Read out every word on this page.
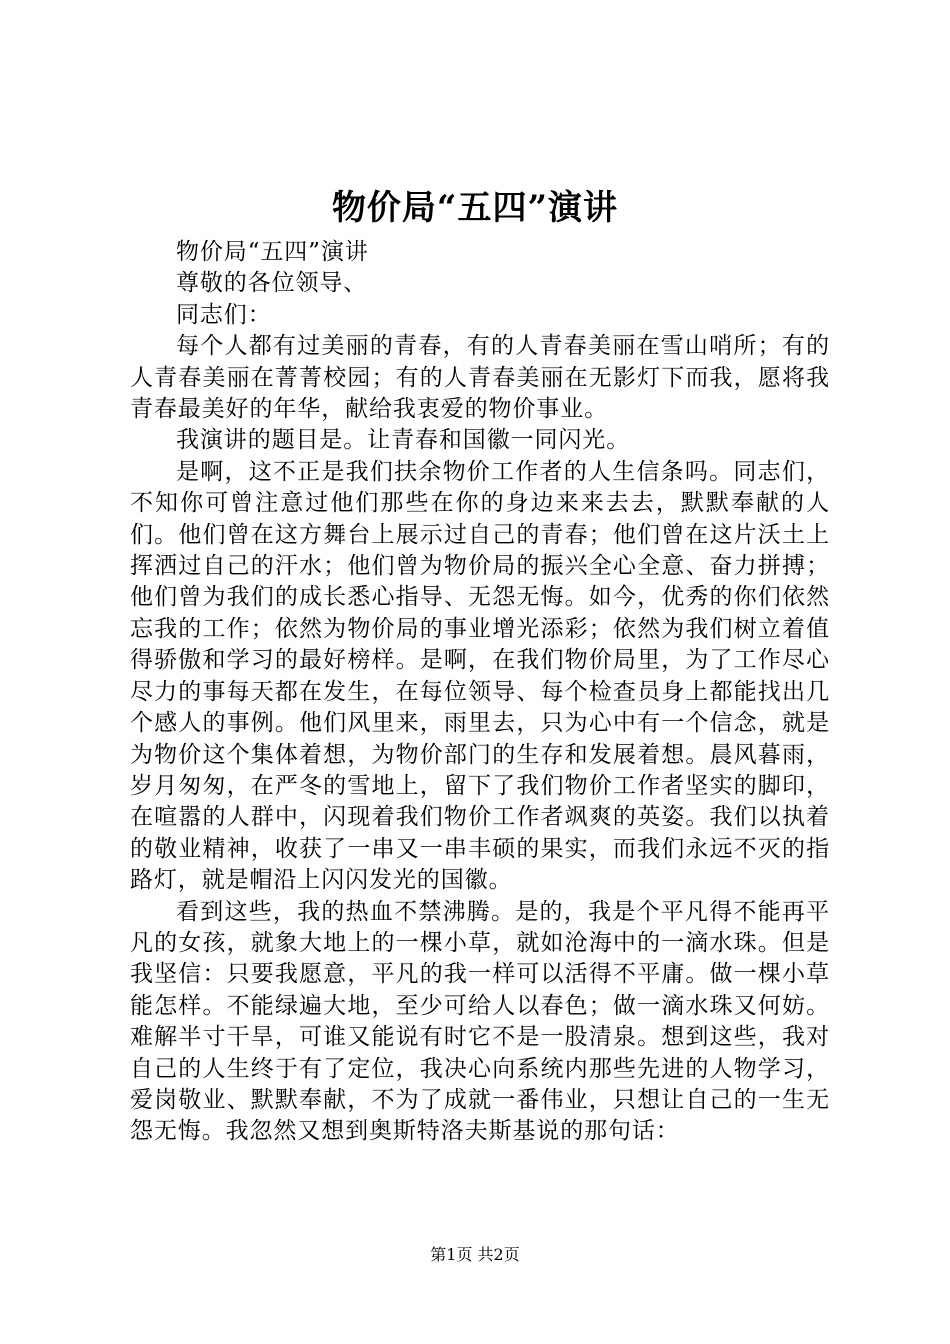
物价局“五四”演讲

物价局“五四”演讲

尊敬的各位领导、

同志们：

每个人都有过美丽的青春，有的人青春美丽在雪山哨所；有的人青春美丽在菁菁校园；有的人青春美丽在无影灯下而我，愿将我青春最美好的年华，献给我衷爱的物价事业。

我演讲的题目是。让青春和国徽一同闪光。

是啊，这不正是我们扶余物价工作者的人生信条吗。同志们，不知你可曾注意过他们那些在你的身边来来去去，默默奉献的人们。他们曾在这方舞台上展示过自己的青春；他们曾在这片沃土上挥洒过自己的汗水；他们曾为物价局的振兴全心全意、奋力拼搏；他们曾为我们的成长悉心指导、无怨无悔。如今，优秀的你们依然忘我的工作；依然为物价局的事业增光添彩；依然为我们树立着值得骄傲和学习的最好榜样。是啊，在我们物价局里，为了工作尽心尽力的事每天都在发生，在每位领导、每个检查员身上都能找出几个感人的事例。他们风里来，雨里去，只为心中有一个信念，就是为物价这个集体着想，为物价部门的生存和发展着想。晨风暮雨，岁月匆匆，在严冬的雪地上，留下了我们物价工作者坚实的脚印，在喧嚣的人群中，闪现着我们物价工作者飒爽的英姿。我们以执着的敬业精神，收获了一串又一串丰硕的果实，而我们永远不灭的指路灯，就是帽沿上闪闪发光的国徽。

看到这些，我的热血不禁沸腾。是的，我是个平凡得不能再平凡的女孩，就象大地上的一棵小草，就如沧海中的一滴水珠。但是我坚信：只要我愿意，平凡的我一样可以活得不平庸。做一棵小草能怎样。不能绿遍大地，至少可给人以春色；做一滴水珠又何妨。难解半寸干旱，可谁又能说有时它不是一股清泉。想到这些，我对自己的人生终于有了定位，我决心向系统内那些先进的人物学习，爱岗敬业、默默奉献，不为了成就一番伟业，只想让自己的一生无怨无悔。我忽然又想到奥斯特洛夫斯基说的那句话：

第1页 共2页
